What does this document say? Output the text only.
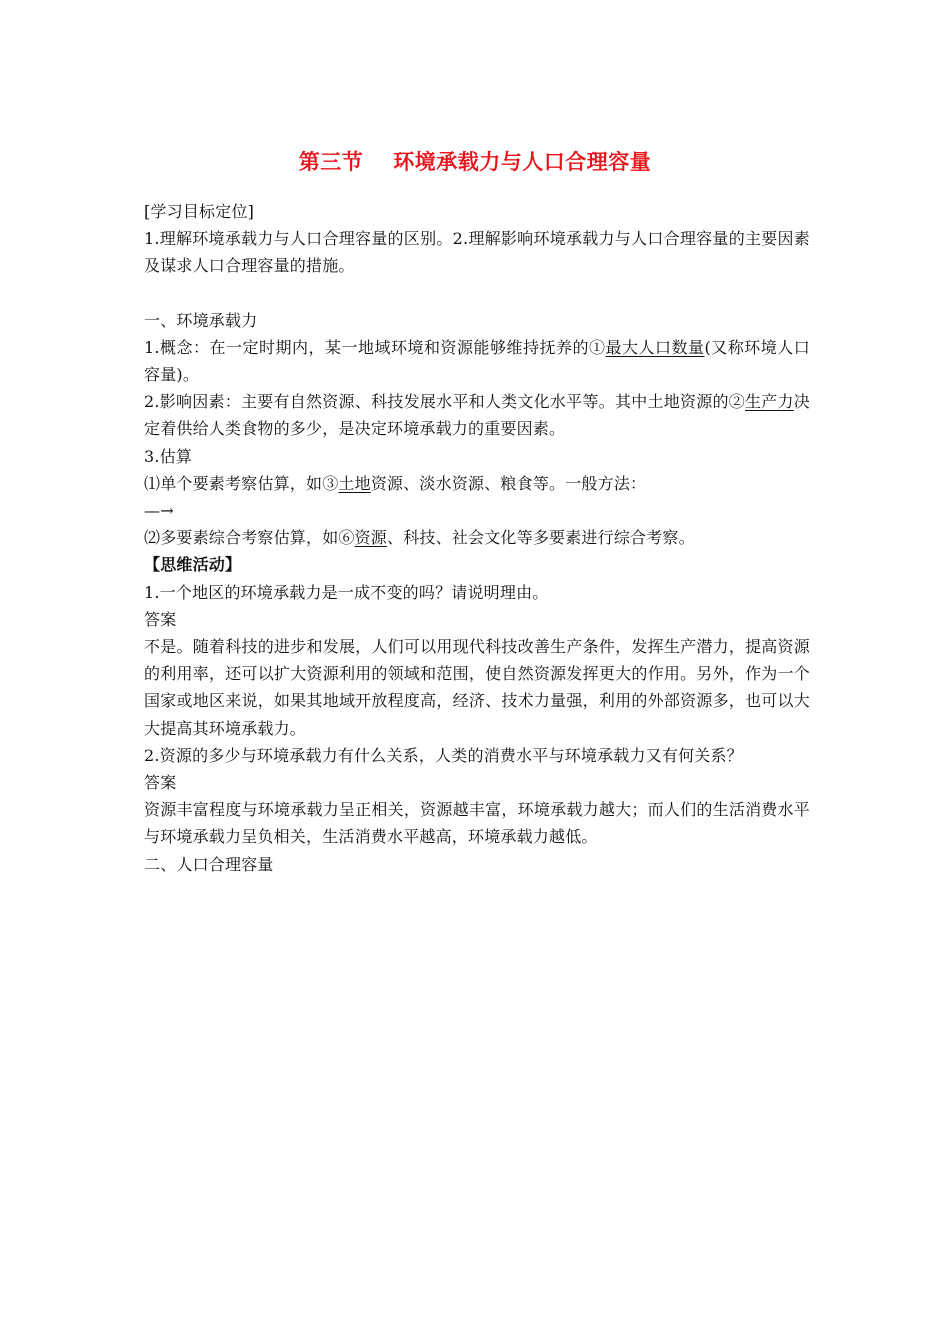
第三节 环境承载力与人口合理容量

[学习目标定位]

1.理解环境承载力与人口合理容量的区别。2.理解影响环境承载力与人口合理容量的主要因素及谋求人口合理容量的措施。

一、环境承载力

1.概念：在一定时期内，某一地域环境和资源能够维持抚养的①最大人口数量(又称环境人口容量)。

2.影响因素：主要有自然资源、科技发展水平和人类文化水平等。其中土地资源的②生产力决定着供给人类食物的多少，是决定环境承载力的重要因素。

3.估算

⑴单个要素考察估算，如③土地资源、淡水资源、粮食等。一般方法：

—→

⑵多要素综合考察估算，如⑥资源、科技、社会文化等多要素进行综合考察。

【思维活动】

1.一个地区的环境承载力是一成不变的吗？请说明理由。

答案

不是。随着科技的进步和发展，人们可以用现代科技改善生产条件，发挥生产潜力，提高资源的利用率，还可以扩大资源利用的领域和范围，使自然资源发挥更大的作用。另外，作为一个国家或地区来说，如果其地域开放程度高，经济、技术力量强，利用的外部资源多，也可以大大提高其环境承载力。

2.资源的多少与环境承载力有什么关系，人类的消费水平与环境承载力又有何关系？

答案

资源丰富程度与环境承载力呈正相关，资源越丰富，环境承载力越大；而人们的生活消费水平与环境承载力呈负相关，生活消费水平越高，环境承载力越低。

二、人口合理容量
